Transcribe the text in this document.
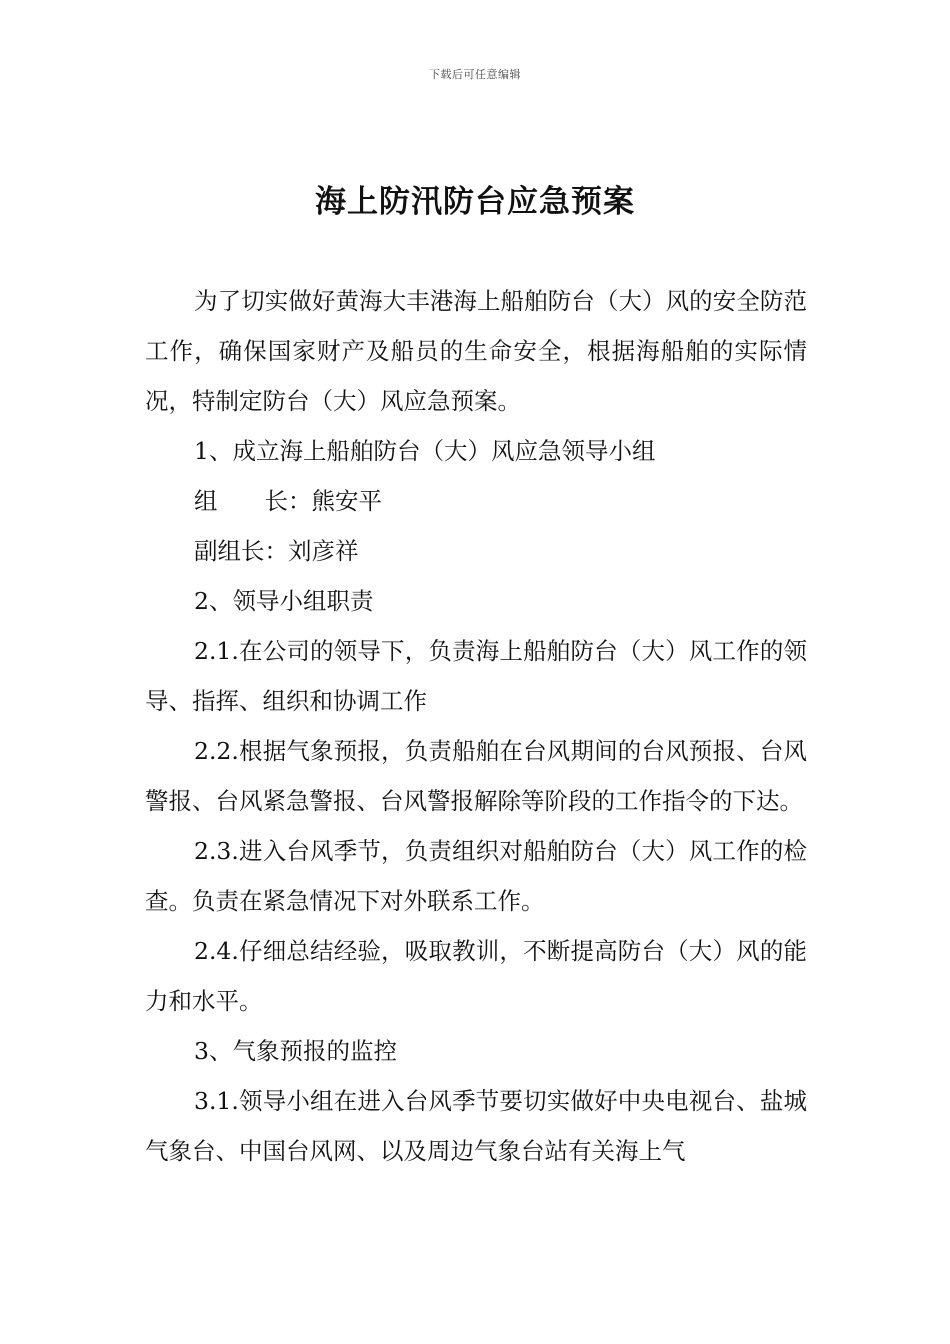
下载后可任意编辑
海上防汛防台应急预案

为了切实做好黄海大丰港海上船舶防台（大）风的安全防范工作，确保国家财产及船员的生命安全，根据海船舶的实际情况，特制定防台（大）风应急预案。

1、成立海上船舶防台（大）风应急领导小组

组　　长：熊安平

副组长：刘彦祥

2、领导小组职责

2.1.在公司的领导下，负责海上船舶防台（大）风工作的领导、指挥、组织和协调工作

2.2.根据气象预报，负责船舶在台风期间的台风预报、台风警报、台风紧急警报、台风警报解除等阶段的工作指令的下达。

2.3.进入台风季节，负责组织对船舶防台（大）风工作的检查。负责在紧急情况下对外联系工作。

2.4.仔细总结经验，吸取教训，不断提高防台（大）风的能力和水平。

3、气象预报的监控

3.1.领导小组在进入台风季节要切实做好中央电视台、盐城气象台、中国台风网、以及周边气象台站有关海上气
